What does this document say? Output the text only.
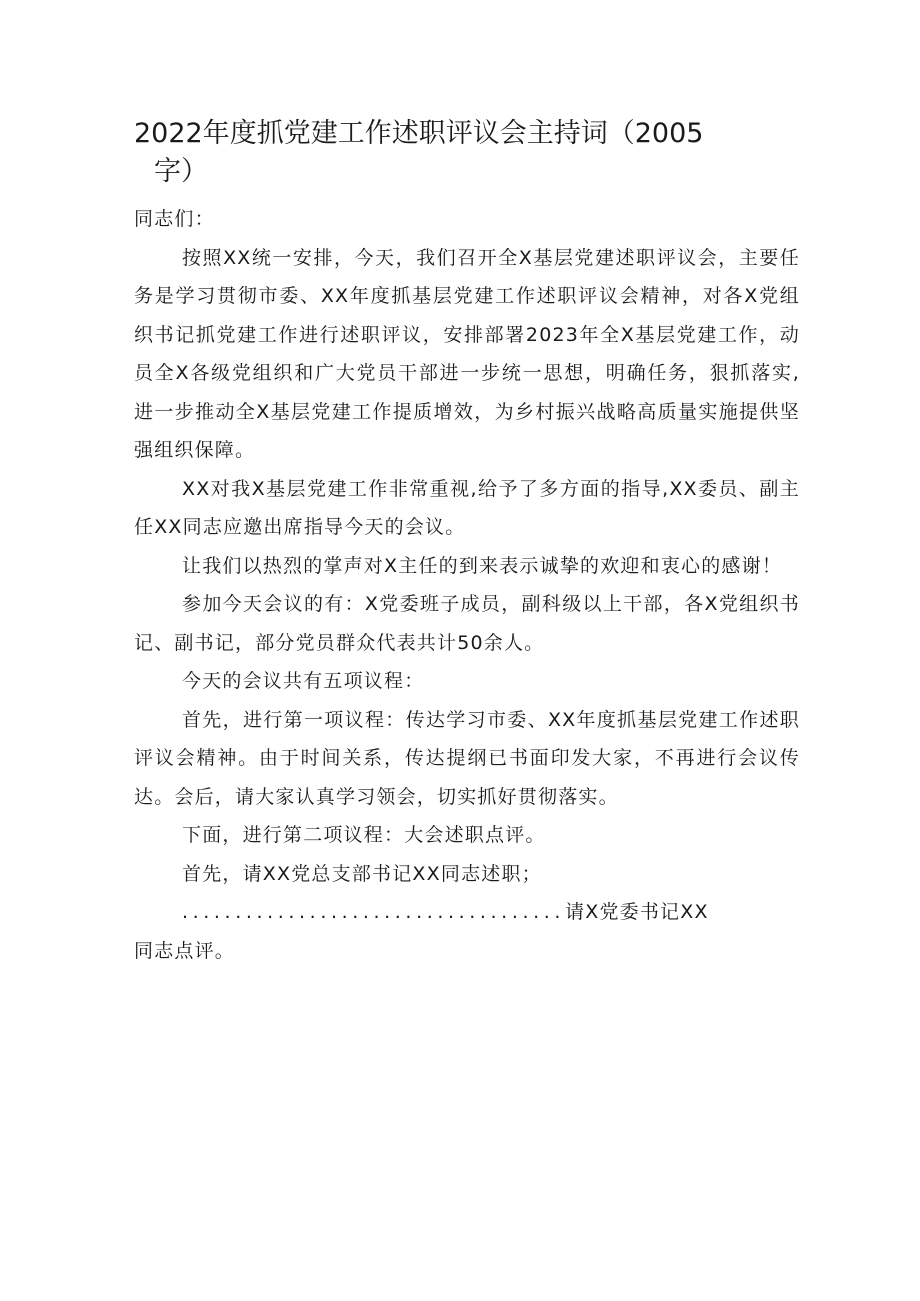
2022年度抓党建工作述职评议会主持词（2005
字）

同志们：

按照XX统一安排，今天，我们召开全X基层党建述职评议会，主要任务是学习贯彻市委、XX年度抓基层党建工作述职评议会精神，对各X党组织书记抓党建工作进行述职评议，安排部署2023年全X基层党建工作，动员全X各级党组织和广大党员干部进一步统一思想，明确任务，狠抓落实,进一步推动全X基层党建工作提质增效，为乡村振兴战略高质量实施提供坚强组织保障。

XX对我X基层党建工作非常重视,给予了多方面的指导,XX委员、副主任XX同志应邀出席指导今天的会议。

让我们以热烈的掌声对X主任的到来表示诚挚的欢迎和衷心的感谢！

参加今天会议的有：X党委班子成员，副科级以上干部，各X党组织书记、副书记，部分党员群众代表共计50余人。

今天的会议共有五项议程：

首先，进行第一项议程：传达学习市委、XX年度抓基层党建工作述职评议会精神。由于时间关系，传达提纲已书面印发大家，不再进行会议传达。会后，请大家认真学习领会，切实抓好贯彻落实。

下面，进行第二项议程：大会述职点评。

首先，请XX党总支部书记XX同志述职；

....................................请X党委书记XX

同志点评。
